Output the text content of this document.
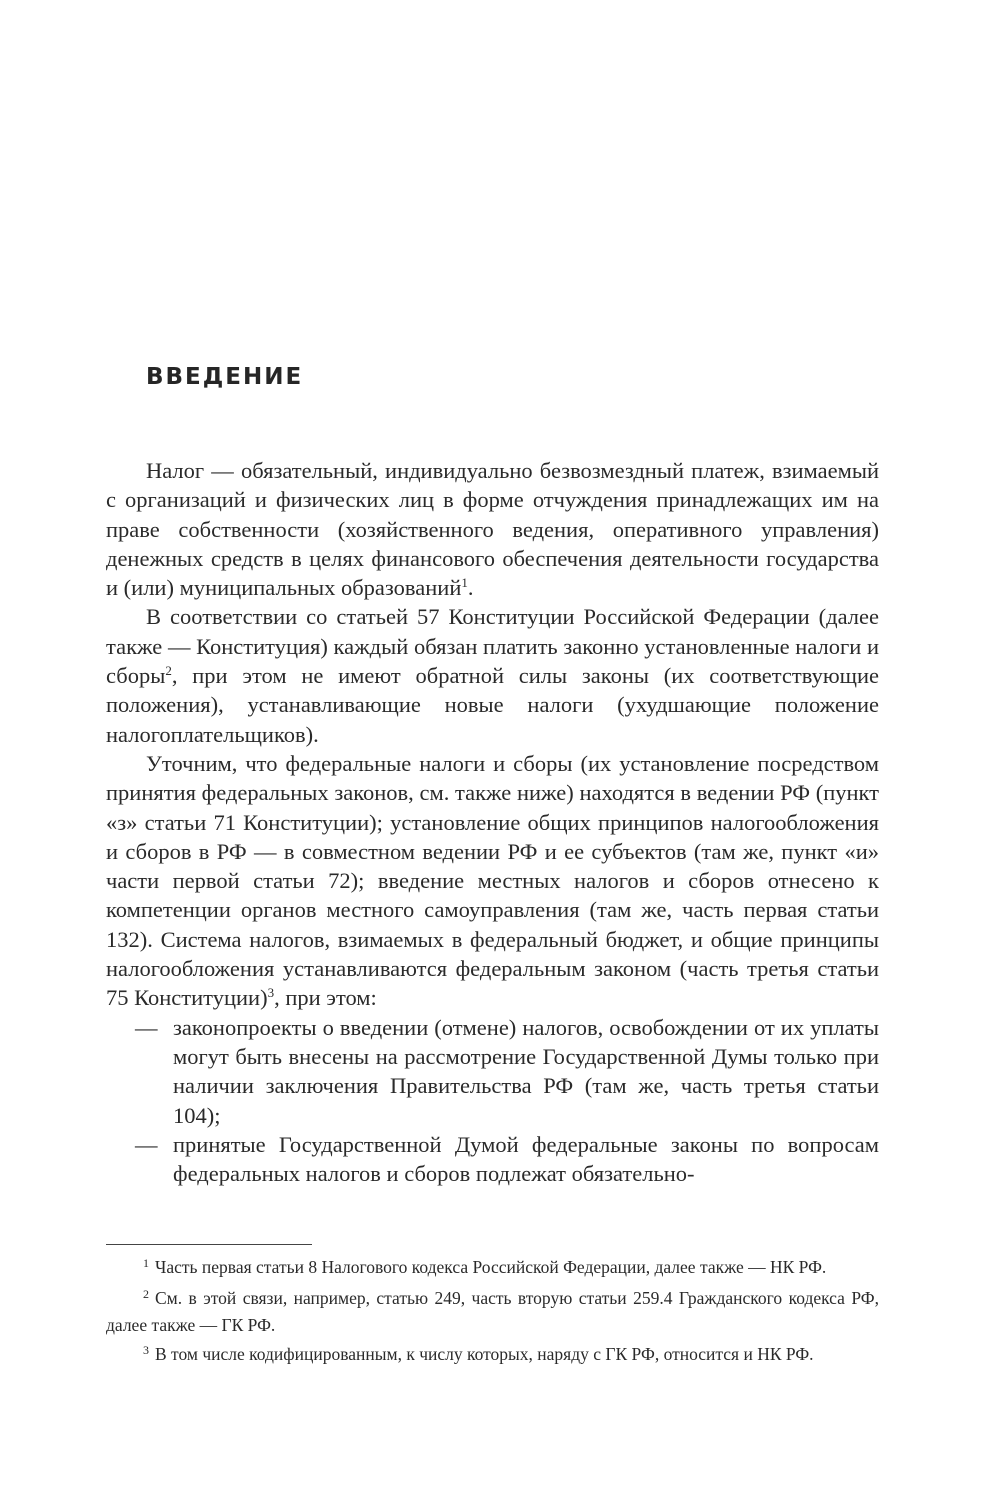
ВВЕДЕНИЕ

Налог — обязательный, индивидуально безвозмездный платеж, взимаемый с организаций и физических лиц в форме отчуждения принадлежащих им на праве собственности (хозяйственного ведения, оперативного управления) денежных средств в целях финансового обеспечения деятельности государства и (или) муниципальных образований$^1$.

В соответствии со статьей 57 Конституции Российской Федерации (далее также — Конституция) каждый обязан платить законно установленные налоги и сборы$^2$, при этом не имеют обратной силы законы (их соответствующие положения), устанавливающие новые налоги (ухудшающие положение налогоплательщиков).

Уточним, что федеральные налоги и сборы (их установление посредством принятия федеральных законов, см. также ниже) находятся в ведении РФ (пункт «з» статьи 71 Конституции); установление общих принципов налогообложения и сборов в РФ — в совместном ведении РФ и ее субъектов (там же, пункт «и» части первой статьи 72); введение местных налогов и сборов отнесено к компетенции органов местного самоуправления (там же, часть первая статьи 132). Система налогов, взимаемых в федеральный бюджет, и общие принципы налогообложения устанавливаются федеральным законом (часть третья статьи 75 Конституции)$^3$, при этом:

— законопроекты о введении (отмене) налогов, освобождении от их уплаты могут быть внесены на рассмотрение Государственной Думы только при наличии заключения Правительства РФ (там же, часть третья статьи 104);
— принятые Государственной Думой федеральные законы по вопросам федеральных налогов и сборов подлежат обязательно-

$^1$ Часть первая статьи 8 Налогового кодекса Российской Федерации, далее также — НК РФ.

$^2$ См. в этой связи, например, статью 249, часть вторую статьи 259.4 Гражданского кодекса РФ, далее также — ГК РФ.

$^3$ В том числе кодифицированным, к числу которых, наряду с ГК РФ, относится и НК РФ.
